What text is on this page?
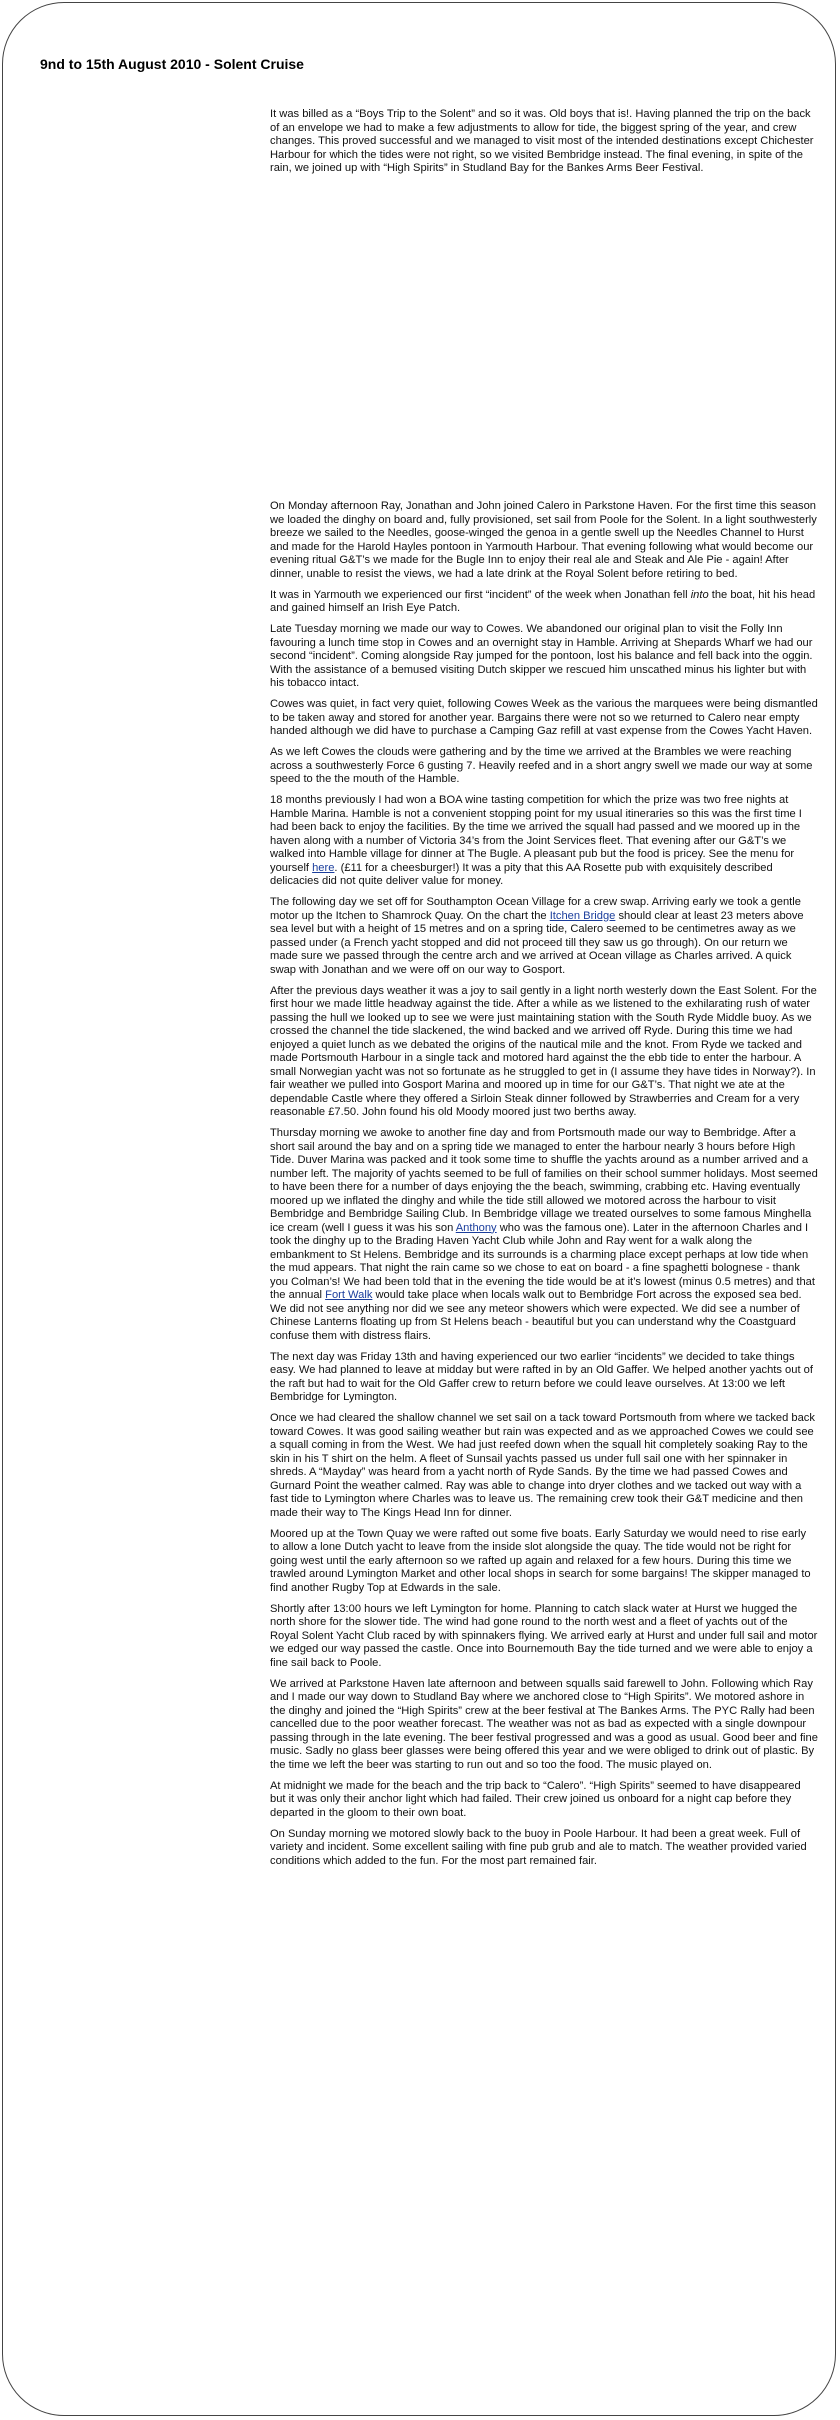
9nd to 15th August 2010 - Solent Cruise

It was billed as a “Boys Trip to the Solent” and so it was. Old boys that is!. Having planned the trip on the back of an envelope we had to make a few adjustments to allow for tide, the biggest spring of the year, and crew changes. This proved successful and we managed to visit most of the intended destinations except Chichester Harbour for which the tides were not right, so we visited Bembridge instead. The final evening, in spite of the rain, we joined up with “High Spirits” in Studland Bay for the Bankes Arms Beer Festival.

On Monday afternoon Ray, Jonathan and John joined Calero in Parkstone Haven. For the first time this season we loaded the dinghy on board and, fully provisioned, set sail from Poole for the Solent. In a light southwesterly breeze we sailed to the Needles, goose-winged the genoa in a gentle swell up the Needles Channel to Hurst and made for the Harold Hayles pontoon in Yarmouth Harbour. That evening following what would become our evening ritual G&T’s we made for the Bugle Inn to enjoy their real ale and Steak and Ale Pie - again! After dinner, unable to resist the views, we had a late drink at the Royal Solent before retiring to bed.

It was in Yarmouth we experienced our first “incident” of the week when Jonathan fell into the boat, hit his head and gained himself an Irish Eye Patch.

Late Tuesday morning we made our way to Cowes. We abandoned our original plan to visit the Folly Inn favouring a lunch time stop in Cowes and an overnight stay in Hamble. Arriving at Shepards Wharf we had our second “incident”. Coming alongside Ray jumped for the pontoon, lost his balance and fell back into the oggin. With the assistance of a bemused visiting Dutch skipper we rescued him unscathed minus his lighter but with his tobacco intact.

Cowes was quiet, in fact very quiet, following Cowes Week as the various the marquees were being dismantled to be taken away and stored for another year. Bargains there were not so we returned to Calero near empty handed although we did have to purchase a Camping Gaz refill at vast expense from the Cowes Yacht Haven.

As we left Cowes the clouds were gathering and by the time we arrived at the Brambles we were reaching across a southwesterly Force 6 gusting 7. Heavily reefed and in a short angry swell we made our way at some speed to the the mouth of the Hamble.

18 months previously I had won a BOA wine tasting competition for which the prize was two free nights at Hamble Marina. Hamble is not a convenient stopping point for my usual itineraries so this was the first time I had been back to enjoy the facilities. By the time we arrived the squall had passed and we moored up in the haven along with a number of Victoria 34’s from the Joint Services fleet. That evening after our G&T’s we walked into Hamble village for dinner at The Bugle. A pleasant pub but the food is pricey. See the menu for yourself here. (£11 for a cheesburger!) It was a pity that this AA Rosette pub with exquisitely described delicacies did not quite deliver value for money.

The following day we set off for Southampton Ocean Village for a crew swap. Arriving early we took a gentle motor up the Itchen to Shamrock Quay. On the chart the Itchen Bridge should clear at least 23 meters above sea level but with a height of 15 metres and on a spring tide, Calero seemed to be centimetres away as we passed under (a French yacht stopped and did not proceed till they saw us go through). On our return we made sure we passed through the centre arch and we arrived at Ocean village as Charles arrived. A quick swap with Jonathan and we were off on our way to Gosport.

After the previous days weather it was a joy to sail gently in a light north westerly down the East Solent. For the first hour we made little headway against the tide. After a while as we listened to the exhilarating rush of water passing the hull we looked up to see we were just maintaining station with the South Ryde Middle buoy. As we crossed the channel the tide slackened, the wind backed and we arrived off Ryde. During this time we had enjoyed a quiet lunch as we debated the origins of the nautical mile and the knot. From Ryde we tacked and made Portsmouth Harbour in a single tack and motored hard against the the ebb tide to enter the harbour. A small Norwegian yacht was not so fortunate as he struggled to get in (I assume they have tides in Norway?). In fair weather we pulled into Gosport Marina and moored up in time for our G&T’s. That night we ate at the dependable Castle where they offered a Sirloin Steak dinner followed by Strawberries and Cream for a very reasonable £7.50. John found his old Moody moored just two berths away.

Thursday morning we awoke to another fine day and from Portsmouth made our way to Bembridge. After a short sail around the bay and on a spring tide we managed to enter the harbour nearly 3 hours before High Tide. Duver Marina was packed and it took some time to shuffle the yachts around as a number arrived and a number left. The majority of yachts seemed to be full of families on their school summer holidays. Most seemed to have been there for a number of days enjoying the the beach, swimming, crabbing etc. Having eventually moored up we inflated the dinghy and while the tide still allowed we motored across the harbour to visit Bembridge and Bembridge Sailing Club. In Bembridge village we treated ourselves to some famous Minghella ice cream (well I guess it was his son Anthony who was the famous one). Later in the afternoon Charles and I took the dinghy up to the Brading Haven Yacht Club while John and Ray went for a walk along the embankment to St Helens. Bembridge and its surrounds is a charming place except perhaps at low tide when the mud appears. That night the rain came so we chose to eat on board - a fine spaghetti bolognese - thank you Colman’s! We had been told that in the evening the tide would be at it’s lowest (minus 0.5 metres) and that the annual Fort Walk would take place when locals walk out to Bembridge Fort across the exposed sea bed. We did not see anything nor did we see any meteor showers which were expected. We did see a number of Chinese Lanterns floating up from St Helens beach - beautiful but you can understand why the Coastguard confuse them with distress flairs.

The next day was Friday 13th and having experienced our two earlier “incidents” we decided to take things easy. We had planned to leave at midday but were rafted in by an Old Gaffer. We helped another yachts out of the raft but had to wait for the Old Gaffer crew to return before we could leave ourselves. At 13:00 we left Bembridge for Lymington.

Once we had cleared the shallow channel we set sail on a tack toward Portsmouth from where we tacked back toward Cowes. It was good sailing weather but rain was expected and as we approached Cowes we could see a squall coming in from the West. We had just reefed down when the squall hit completely soaking Ray to the skin in his T shirt on the helm. A fleet of Sunsail yachts passed us under full sail one with her spinnaker in shreds. A “Mayday” was heard from a yacht north of Ryde Sands. By the time we had passed Cowes and Gurnard Point the weather calmed. Ray was able to change into dryer clothes and we tacked out way with a fast tide to Lymington where Charles was to leave us. The remaining crew took their G&T medicine and then made their way to The Kings Head Inn for dinner.

Moored up at the Town Quay we were rafted out some five boats. Early Saturday we would need to rise early to allow a lone Dutch yacht to leave from the inside slot alongside the quay. The tide would not be right for going west until the early afternoon so we rafted up again and relaxed for a few hours. During this time we trawled around Lymington Market and other local shops in search for some bargains! The skipper managed to find another Rugby Top at Edwards in the sale.

Shortly after 13:00 hours we left Lymington for home. Planning to catch slack water at Hurst we hugged the north shore for the slower tide. The wind had gone round to the north west and a fleet of yachts out of the Royal Solent Yacht Club raced by with spinnakers flying. We arrived early at Hurst and under full sail and motor we edged our way passed the castle. Once into Bournemouth Bay the tide turned and we were able to enjoy a fine sail back to Poole.

We arrived at Parkstone Haven late afternoon and between squalls said farewell to John. Following which Ray and I made our way down to Studland Bay where we anchored close to “High Spirits”. We motored ashore in the dinghy and joined the “High Spirits” crew at the beer festival at The Bankes Arms. The PYC Rally had been cancelled due to the poor weather forecast. The weather was not as bad as expected with a single downpour passing through in the late evening. The beer festival progressed and was a good as usual. Good beer and fine music. Sadly no glass beer glasses were being offered this year and we were obliged to drink out of plastic. By the time we left the beer was starting to run out and so too the food. The music played on.

At midnight we made for the beach and the trip back to “Calero”. “High Spirits” seemed to have disappeared but it was only their anchor light which had failed. Their crew joined us onboard for a night cap before they departed in the gloom to their own boat.

On Sunday morning we motored slowly back to the buoy in Poole Harbour. It had been a great week. Full of variety and incident. Some excellent sailing with fine pub grub and ale to match. The weather provided varied conditions which added to the fun. For the most part remained fair.
